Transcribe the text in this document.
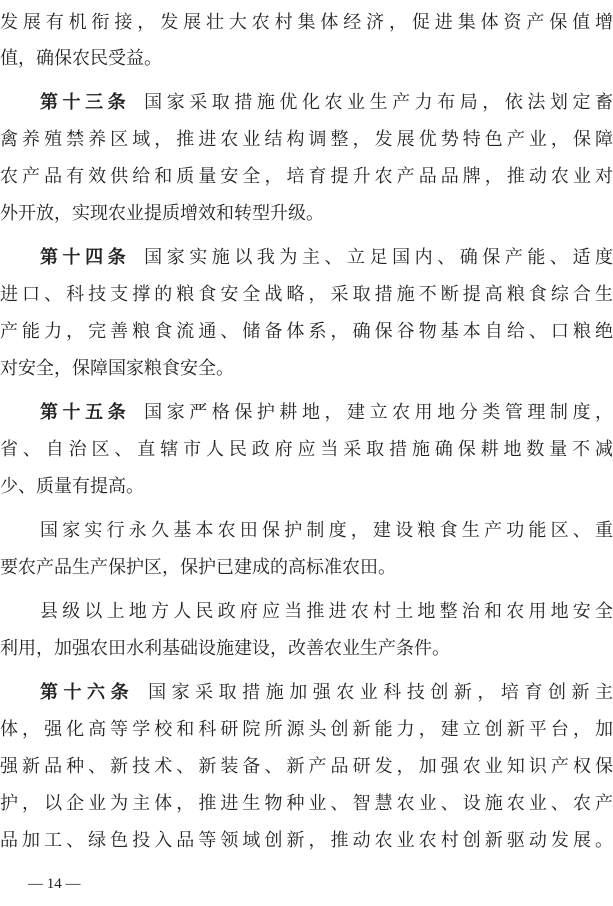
发展有机衔接，发展壮大农村集体经济，促进集体资产保值增
值，确保农民受益。
第十三条 国家采取措施优化农业生产力布局，依法划定畜
禽养殖禁养区域，推进农业结构调整，发展优势特色产业，保障
农产品有效供给和质量安全，培育提升农产品品牌，推动农业对
外开放，实现农业提质增效和转型升级。
第十四条 国家实施以我为主、立足国内、确保产能、适度
进口、科技支撑的粮食安全战略，采取措施不断提高粮食综合生
产能力，完善粮食流通、储备体系，确保谷物基本自给、口粮绝
对安全，保障国家粮食安全。
第十五条 国家严格保护耕地，建立农用地分类管理制度，
省、自治区、直辖市人民政府应当采取措施确保耕地数量不减
少、质量有提高。
国家实行永久基本农田保护制度，建设粮食生产功能区、重
要农产品生产保护区，保护已建成的高标准农田。
县级以上地方人民政府应当推进农村土地整治和农用地安全
利用，加强农田水利基础设施建设，改善农业生产条件。
第十六条 国家采取措施加强农业科技创新，培育创新主
体，强化高等学校和科研院所源头创新能力，建立创新平台，加
强新品种、新技术、新装备、新产品研发，加强农业知识产权保
护，以企业为主体，推进生物种业、智慧农业、设施农业、农产
品加工、绿色投入品等领域创新，推动农业农村创新驱动发展。
— 14 —
